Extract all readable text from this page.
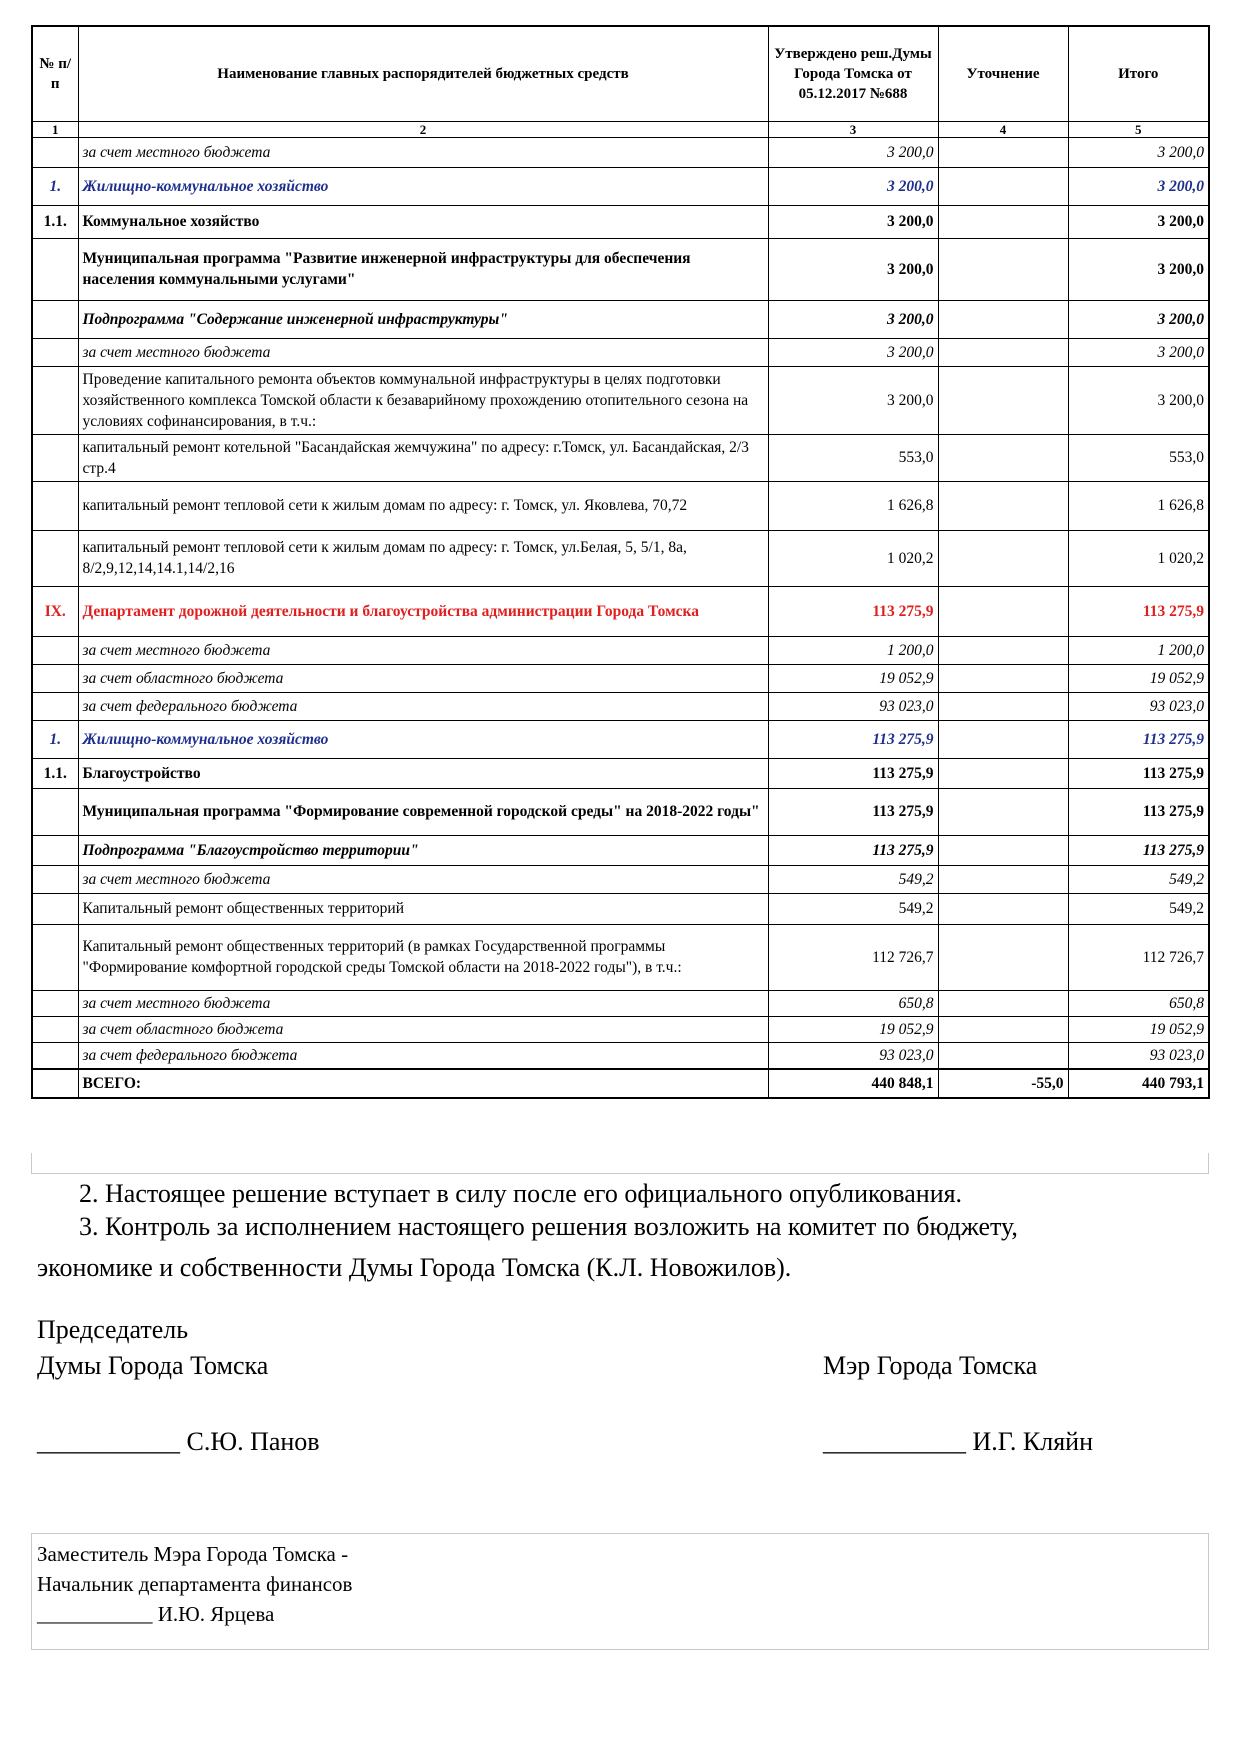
№ п/п	Наименование главных распорядителей бюджетных средств	Утверждено реш.Думы Города Томска от 05.12.2017 №688	Уточнение	Итого
1	2	3	4	5
	за счет местного бюджета	3 200,0		3 200,0
1.	Жилищно-коммунальное хозяйство	3 200,0		3 200,0
1.1.	Коммунальное хозяйство	3 200,0		3 200,0
	Муниципальная программа "Развитие инженерной инфраструктуры для обеспечения населения коммунальными услугами"	3 200,0		3 200,0
	Подпрограмма "Содержание инженерной инфраструктуры"	3 200,0		3 200,0
	за счет местного бюджета	3 200,0		3 200,0
	Проведение капитального ремонта объектов коммунальной инфраструктуры в целях подготовки хозяйственного комплекса Томской области к безаварийному прохождению отопительного сезона на условиях софинансирования, в т.ч.:	3 200,0		3 200,0
	капитальный ремонт котельной "Басандайская жемчужина" по адресу: г.Томск, ул. Басандайская, 2/3 стр.4	553,0		553,0
	капитальный ремонт тепловой сети к жилым домам по адресу: г. Томск, ул. Яковлева, 70,72	1 626,8		1 626,8
	капитальный ремонт тепловой сети к жилым домам по адресу: г. Томск, ул.Белая, 5, 5/1, 8а, 8/2,9,12,14,14.1,14/2,16	1 020,2		1 020,2
IX.	Департамент дорожной деятельности и благоустройства администрации Города Томска	113 275,9		113 275,9
	за счет местного бюджета	1 200,0		1 200,0
	за счет областного бюджета	19 052,9		19 052,9
	за счет федерального бюджета	93 023,0		93 023,0
1.	Жилищно-коммунальное хозяйство	113 275,9		113 275,9
1.1.	Благоустройство	113 275,9		113 275,9
	Муниципальная программа "Формирование современной городской среды" на 2018-2022 годы"	113 275,9		113 275,9
	Подпрограмма "Благоустройство территории"	113 275,9		113 275,9
	за счет местного бюджета	549,2		549,2
	Капитальный ремонт общественных территорий	549,2		549,2
	Капитальный ремонт общественных территорий (в рамках Государственной программы "Формирование комфортной городской среды Томской области на 2018-2022 годы"), в т.ч.:	112 726,7		112 726,7
	за счет местного бюджета	650,8		650,8
	за счет областного бюджета	19 052,9		19 052,9
	за счет федерального бюджета	93 023,0		93 023,0
	ВСЕГО:	440 848,1	-55,0	440 793,1
2. Настоящее решение вступает в силу после его официального опубликования.
3. Контроль за исполнением настоящего решения возложить на комитет по бюджету,
экономике и собственности Думы Города Томска (К.Л. Новожилов).
Председатель
Думы Города Томска	Мэр Города Томска
___________ С.Ю. Панов	___________ И.Г. Кляйн
Заместитель Мэра Города Томска -
Начальник департамента финансов
___________ И.Ю. Ярцева
